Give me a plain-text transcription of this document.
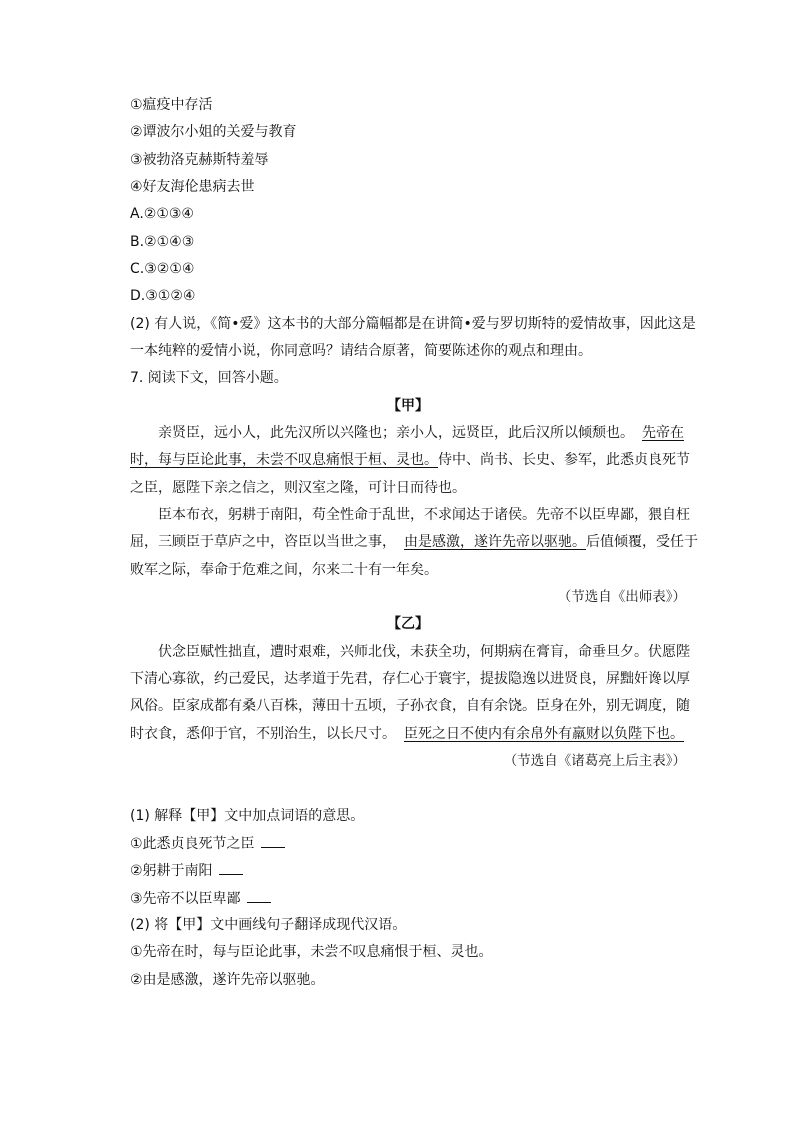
①瘟疫中存活
②谭波尔小姐的关爱与教育
③被勃洛克赫斯特羞辱
④好友海伦患病去世
A.②①③④
B.②①④③
C.③②①④
D.③①②④
(2) 有人说，《简•爱》这本书的大部分篇幅都是在讲简•爱与罗切斯特的爱情故事，因此这是
一本纯粹的爱情小说，你同意吗？请结合原著，简要陈述你的观点和理由。
7. 阅读下文，回答小题。
【甲】
亲贤臣，远小人，此先汉所以兴隆也；亲小人，远贤臣，此后汉所以倾颓也。 先帝在
时，每与臣论此事，未尝不叹息痛恨于桓、灵也。侍中、尚书、长史、参军，此悉贞良死节
之臣，愿陛下亲之信之，则汉室之隆，可计日而待也。
臣本布衣，躬耕于南阳，苟全性命于乱世，不求闻达于诸侯。先帝不以臣卑鄙，猥自枉
屈，三顾臣于草庐之中，咨臣以当世之事， 由是感激，遂许先帝以驱驰。后值倾覆，受任于
败军之际，奉命于危难之间，尔来二十有一年矣。
（节选自《出师表》）
【乙】
伏念臣赋性拙直，遭时艰难，兴师北伐，未获全功，何期病在膏肓，命垂旦夕。伏愿陛
下清心寡欲，约己爱民，达孝道于先君，存仁心于寰宇，提拔隐逸以进贤良，屏黜奸谗以厚
风俗。臣家成都有桑八百株，薄田十五顷，子孙衣食，自有余饶。臣身在外，别无调度，随
时衣食，悉仰于官，不别治生，以长尺寸。 臣死之日不使内有余帛外有羸财以负陛下也。
（节选自《诸葛亮上后主表》）
(1) 解释【甲】文中加点词语的意思。
①此悉贞良死节之臣
②躬耕于南阳
③先帝不以臣卑鄙
(2) 将【甲】文中画线句子翻译成现代汉语。
①先帝在时，每与臣论此事，未尝不叹息痛恨于桓、灵也。
②由是感激，遂许先帝以驱驰。
